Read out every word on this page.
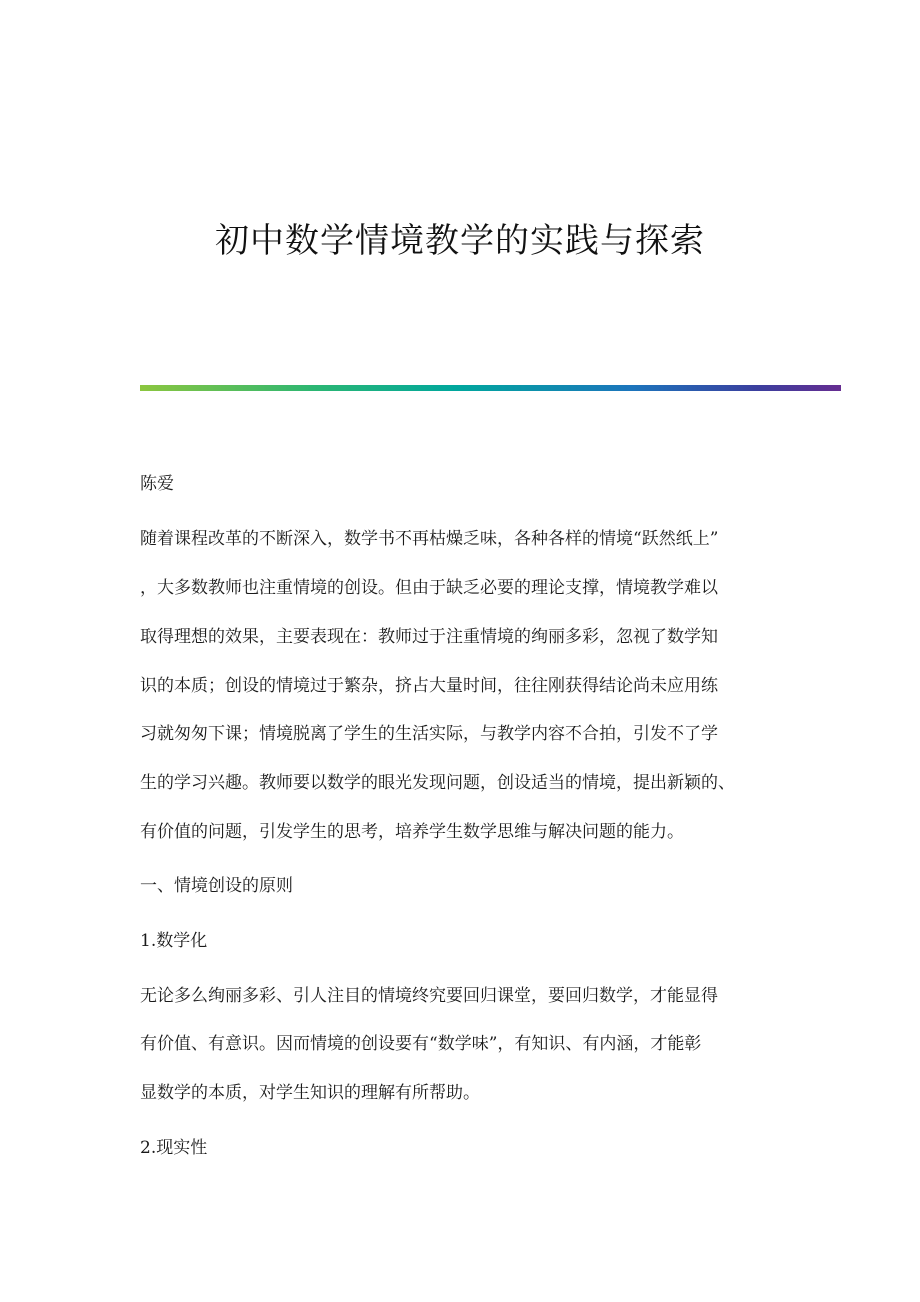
初中数学情境教学的实践与探索
陈爱
随着课程改革的不断深入，数学书不再枯燥乏味，各种各样的情境“跃然纸上”
，大多数教师也注重情境的创设。但由于缺乏必要的理论支撑，情境教学难以
取得理想的效果，主要表现在：教师过于注重情境的绚丽多彩，忽视了数学知
识的本质；创设的情境过于繁杂，挤占大量时间，往往刚获得结论尚未应用练
习就匆匆下课；情境脱离了学生的生活实际，与教学内容不合拍，引发不了学
生的学习兴趣。教师要以数学的眼光发现问题，创设适当的情境，提出新颖的、
有价值的问题，引发学生的思考，培养学生数学思维与解决问题的能力。
一、情境创设的原则
1.数学化
无论多么绚丽多彩、引人注目的情境终究要回归课堂，要回归数学，才能显得
有价值、有意识。因而情境的创设要有“数学味”，有知识、有内涵，才能彰
显数学的本质，对学生知识的理解有所帮助。
2.现实性
